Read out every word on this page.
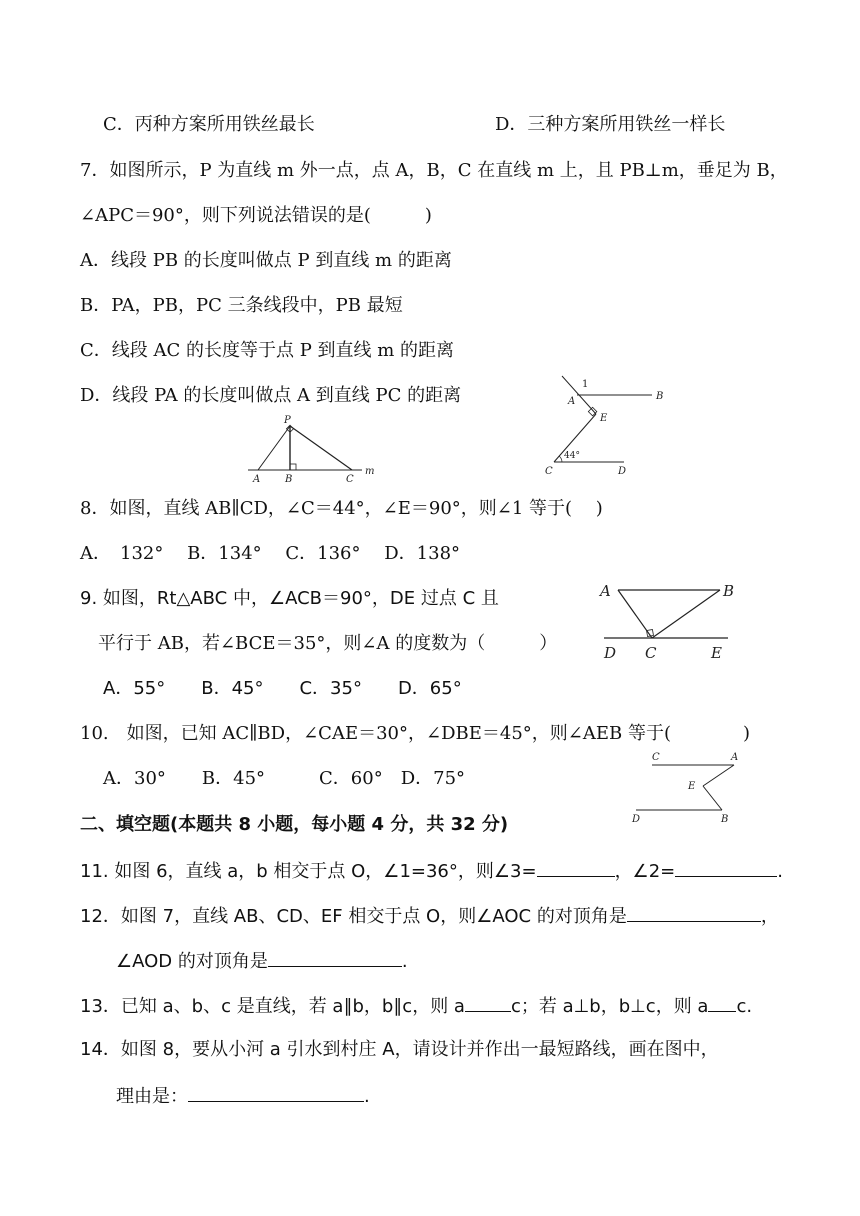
C．丙种方案所用铁丝最长	D．三种方案所用铁丝一样长
7．如图所示，P 为直线 m 外一点，点 A，B，C 在直线 m 上，且 PB⊥m，垂足为 B，
∠APC＝90°，则下列说法错误的是(　　　)
A．线段 PB 的长度叫做点 P 到直线 m 的距离
B．PA，PB，PC 三条线段中，PB 最短
C．线段 AC 的长度等于点 P 到直线 m 的距离
D．线段 PA 的长度叫做点 A 到直线 PC 的距离
P
A B	C
m
1
A	B
E
C	D
44°
8．如图，直线 AB∥CD，∠C＝44°，∠E＝90°，则∠1 等于(　 )
A．　132°　 B．134°　 C．136°　 D．138°
9. 如图，Rt△ABC 中，∠ACB＝90°，DE 过点 C 且
平行于 AB，若∠BCE＝35°，则∠A 的度数为（　　　）
A．55°　　B．45°　　C．35°　　D．65°
A	B
D C	E
10.　如图，已知 AC∥BD，∠CAE＝30°，∠DBE＝45°，则∠AEB 等于(　　　　)
A．30°　　B．45°　　　C．60°　D．75°
C	A
E
D	B
二、填空题(本题共 8 小题，每小题 4 分，共 32 分)
11. 如图 6，直线 a，b 相交于点 O，∠1=36°，则∠3=	，∠2=	.
12．如图 7，直线 AB、CD、EF 相交于点 O，则∠AOC 的对顶角是	，
∠AOD 的对顶角是	.
13．已知 a、b、c 是直线，若 a∥b，b∥c，则 a	c；若 a⊥b，b⊥c，则 a c.
14．如图 8，要从小河 a 引水到村庄 A，请设计并作出一最短路线，画在图中，
理由是：	.
